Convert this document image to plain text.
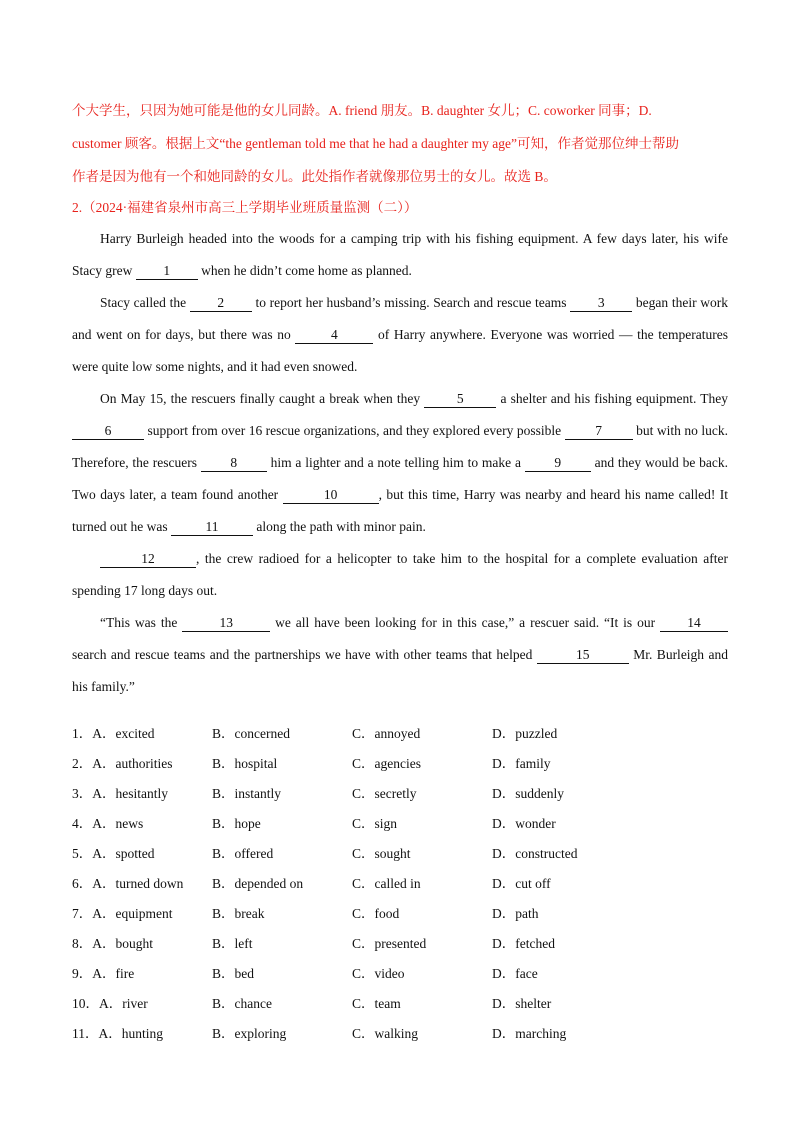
个大学生，只因为她可能是他的女儿同龄。A. friend 朋友。B. daughter 女儿；C. coworker 同事；D.

customer 顾客。根据上文“the gentleman told me that he had a daughter my age”可知，作者觉那位绅士帮助

作者是因为他有一个和她同龄的女儿。此处指作者就像那位男士的女儿。故选 B。

2.（2024·福建省泉州市高三上学期毕业班质量监测（二））

Harry Burleigh headed into the woods for a camping trip with his fishing equipment. A few days later, his wife Stacy grew 1 when he didn’t come home as planned.

Stacy called the 2 to report her husband’s missing. Search and rescue teams 3 began their work and went on for days, but there was no	4	of Harry anywhere. Everyone was worried — the temperatures were quite low some nights, and it had even snowed.

On May 15, the rescuers finally caught a break when they 5 a shelter and his fishing equipment. They 6 support from over 16 rescue organizations, and they explored every possible 7 but with no luck. Therefore, the rescuers 8 him a lighter and a note telling him to make a 9 and they would be back. Two days later, a team found another	10	, but this time, Harry was nearby and heard his name called! It turned out he was	11	along the path with minor pain.

12	, the crew radioed for a helicopter to take him to the hospital for a complete evaluation after spending 17 long days out.

“This was the	13	we all have been looking for in this case,” a rescuer said. “It is our 14 search and rescue teams and the partnerships we have with other teams that helped	15	Mr. Burleigh and his family.”

1．A．excited	B．concerned	C．annoyed	D．puzzled
2．A．authorities	B．hospital	C．agencies	D．family
3．A．hesitantly	B．instantly	C．secretly	D．suddenly
4．A．news	B．hope	C．sign	D．wonder
5．A．spotted	B．offered	C．sought	D．constructed
6．A．turned down	B．depended on	C．called in	D．cut off
7．A．equipment	B．break	C．food	D．path
8．A．bought	B．left	C．presented	D．fetched
9．A．fire	B．bed	C．video	D．face
10．A．river	B．chance	C．team	D．shelter
11．A．hunting	B．exploring	C．walking	D．marching
